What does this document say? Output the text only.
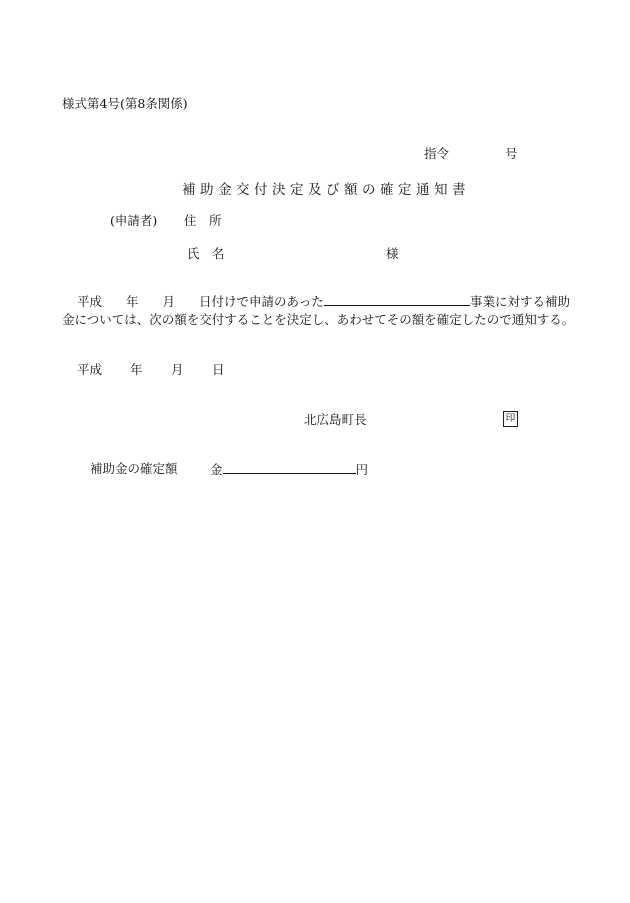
様式第4号(第8条関係)
指令	号
補助金交付決定及び額の確定通知書
(申請者) 住　所
氏　名	様
平成 年 月 日付けで申請のあった	事業に対する補助金については、次の額を交付することを決定し、あわせてその額を確定したので通知する。
平成 年 月 日
北広島町長	印
補助金の確定額	金	円
